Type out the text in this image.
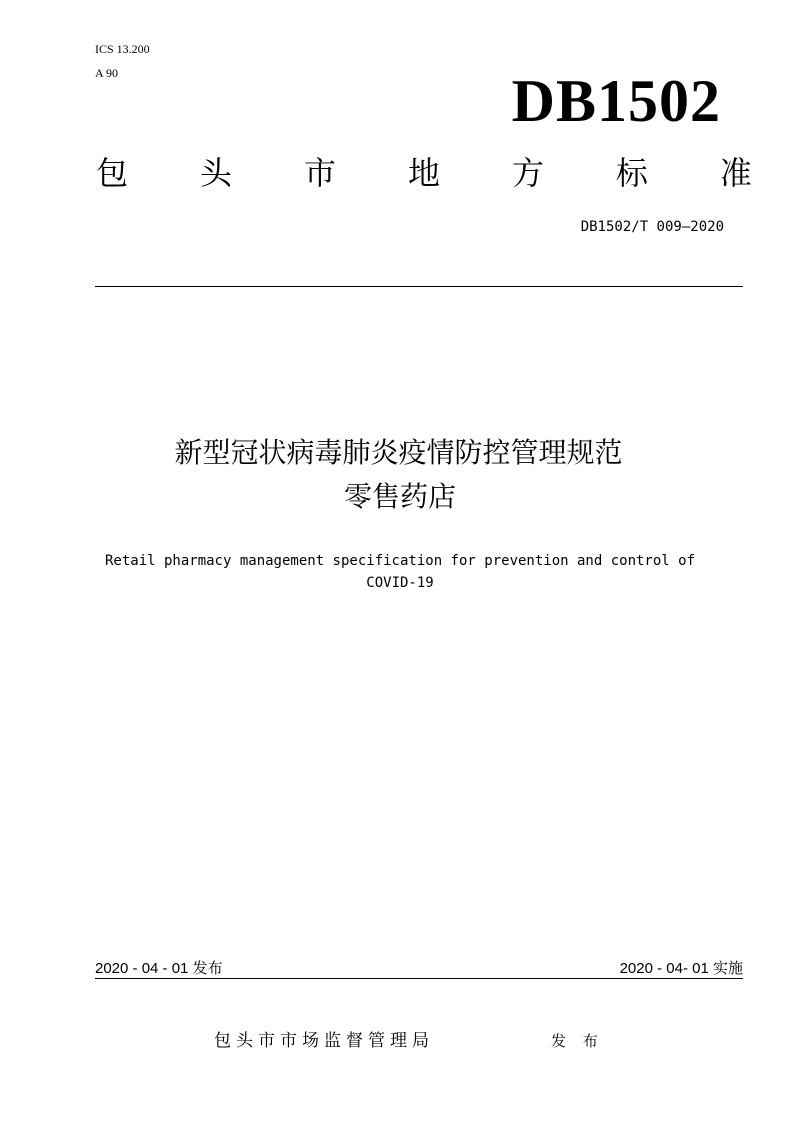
ICS 13.200
A 90	DB1502
包 头 市 地 方 标 准
DB1502/T 009—2020
新型冠状病毒肺炎疫情防控管理规范
零售药店
Retail pharmacy management specification for prevention and control of
COVID-19
2020 - 04 - 01 发布	2020 - 04- 01 实施
包头市市场监督管理局	发 布
